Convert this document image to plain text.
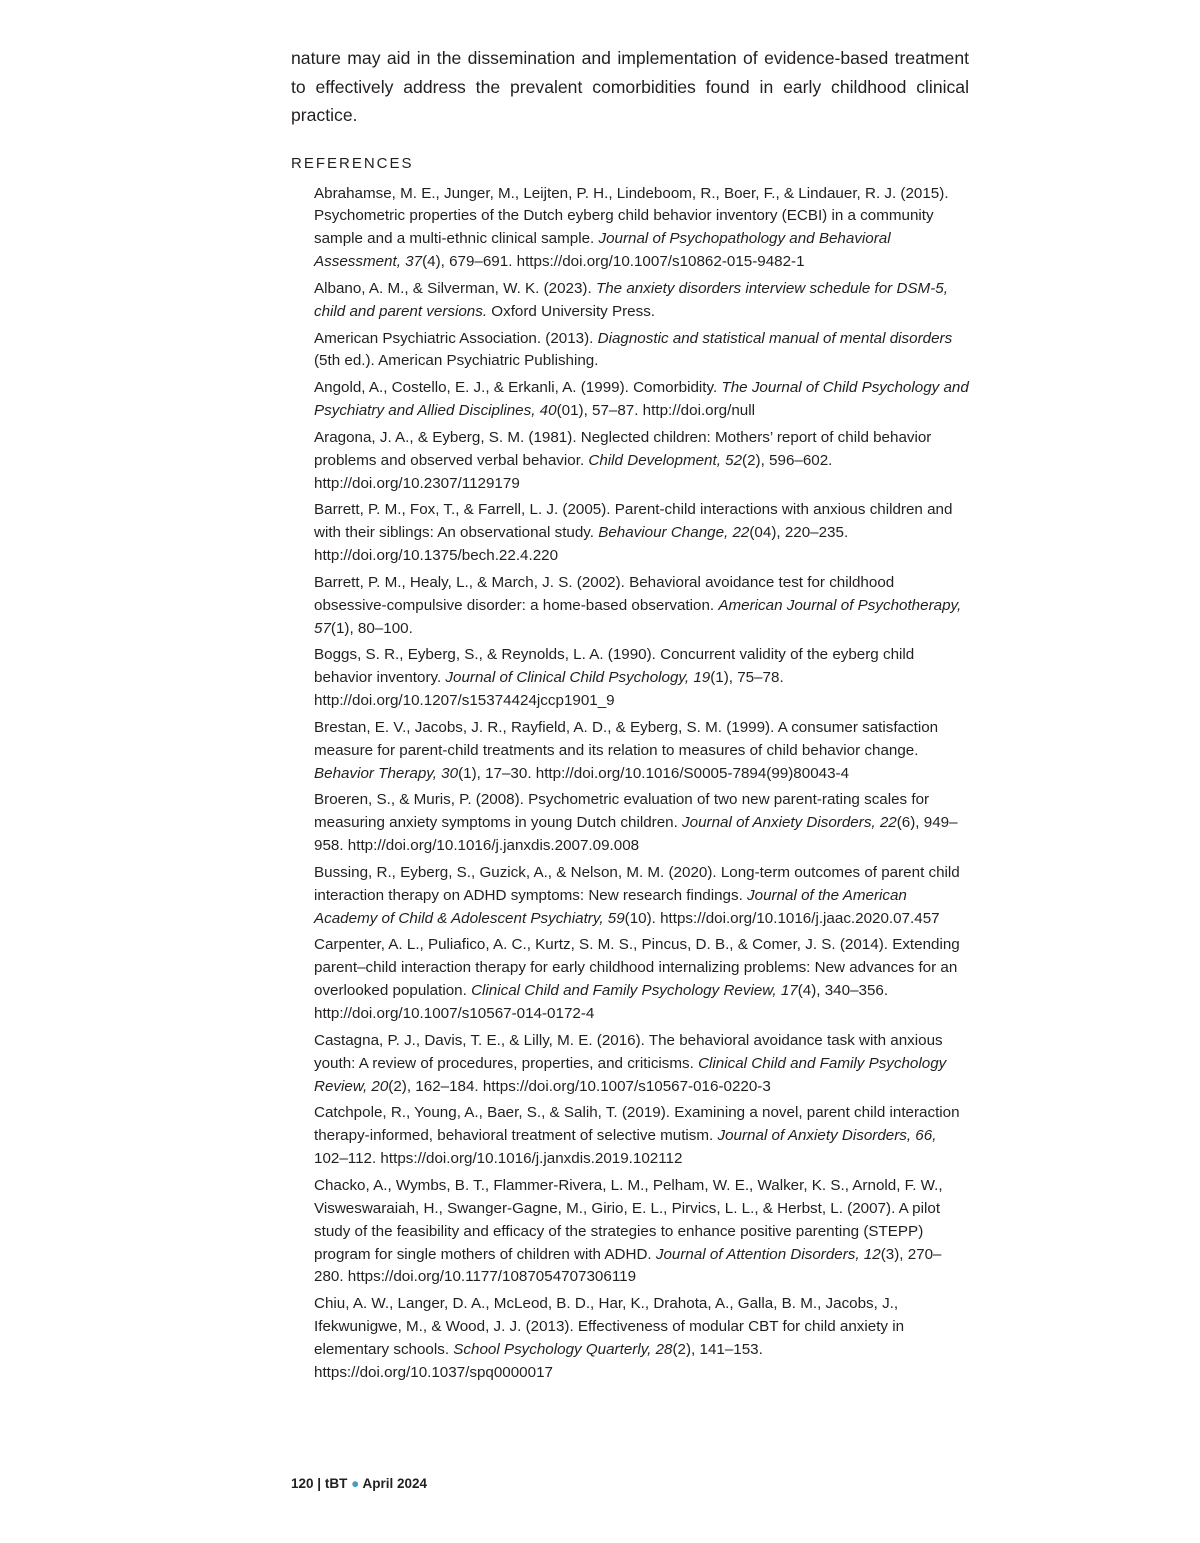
nature may aid in the dissemination and implementation of evidence-based treatment to effectively address the prevalent comorbidities found in early childhood clinical practice.

REFERENCES
Abrahamse, M. E., Junger, M., Leijten, P. H., Lindeboom, R., Boer, F., & Lindauer, R. J. (2015). Psychometric properties of the Dutch eyberg child behavior inventory (ECBI) in a community sample and a multi-ethnic clinical sample. Journal of Psychopathology and Behavioral Assessment, 37(4), 679–691. https://doi.org/10.1007/s10862-015-9482-1
Albano, A. M., & Silverman, W. K. (2023). The anxiety disorders interview schedule for DSM-5, child and parent versions. Oxford University Press.
American Psychiatric Association. (2013). Diagnostic and statistical manual of mental disorders (5th ed.). American Psychiatric Publishing.
Angold, A., Costello, E. J., & Erkanli, A. (1999). Comorbidity. The Journal of Child Psychology and Psychiatry and Allied Disciplines, 40(01), 57–87. http://doi.org/null
Aragona, J. A., & Eyberg, S. M. (1981). Neglected children: Mothers’ report of child behavior problems and observed verbal behavior. Child Development, 52(2), 596–602. http://doi.org/10.2307/1129179
Barrett, P. M., Fox, T., & Farrell, L. J. (2005). Parent-child interactions with anxious children and with their siblings: An observational study. Behaviour Change, 22(04), 220–235. http://doi.org/10.1375/bech.22.4.220
Barrett, P. M., Healy, L., & March, J. S. (2002). Behavioral avoidance test for childhood obsessive-compulsive disorder: a home-based observation. American Journal of Psychotherapy, 57(1), 80–100.
Boggs, S. R., Eyberg, S., & Reynolds, L. A. (1990). Concurrent validity of the eyberg child behavior inventory. Journal of Clinical Child Psychology, 19(1), 75–78. http://doi.org/10.1207/s15374424jccp1901_9
Brestan, E. V., Jacobs, J. R., Rayfield, A. D., & Eyberg, S. M. (1999). A consumer satisfaction measure for parent-child treatments and its relation to measures of child behavior change. Behavior Therapy, 30(1), 17–30. http://doi.org/10.1016/S0005-7894(99)80043-4
Broeren, S., & Muris, P. (2008). Psychometric evaluation of two new parent-rating scales for measuring anxiety symptoms in young Dutch children. Journal of Anxiety Disorders, 22(6), 949–958. http://doi.org/10.1016/j.janxdis.2007.09.008
Bussing, R., Eyberg, S., Guzick, A., & Nelson, M. M. (2020). Long-term outcomes of parent child interaction therapy on ADHD symptoms: New research findings. Journal of the American Academy of Child & Adolescent Psychiatry, 59(10). https://doi.org/10.1016/j.jaac.2020.07.457
Carpenter, A. L., Puliafico, A. C., Kurtz, S. M. S., Pincus, D. B., & Comer, J. S. (2014). Extending parent–child interaction therapy for early childhood internalizing problems: New advances for an overlooked population. Clinical Child and Family Psychology Review, 17(4), 340–356. http://doi.org/10.1007/s10567-014-0172-4
Castagna, P. J., Davis, T. E., & Lilly, M. E. (2016). The behavioral avoidance task with anxious youth: A review of procedures, properties, and criticisms. Clinical Child and Family Psychology Review, 20(2), 162–184. https://doi.org/10.1007/s10567-016-0220-3
Catchpole, R., Young, A., Baer, S., & Salih, T. (2019). Examining a novel, parent child interaction therapy-informed, behavioral treatment of selective mutism. Journal of Anxiety Disorders, 66, 102–112. https://doi.org/10.1016/j.janxdis.2019.102112
Chacko, A., Wymbs, B. T., Flammer-Rivera, L. M., Pelham, W. E., Walker, K. S., Arnold, F. W., Visweswaraiah, H., Swanger-Gagne, M., Girio, E. L., Pirvics, L. L., & Herbst, L. (2007). A pilot study of the feasibility and efficacy of the strategies to enhance positive parenting (STEPP) program for single mothers of children with ADHD. Journal of Attention Disorders, 12(3), 270–280. https://doi.org/10.1177/1087054707306119
Chiu, A. W., Langer, D. A., McLeod, B. D., Har, K., Drahota, A., Galla, B. M., Jacobs, J., Ifekwunigwe, M., & Wood, J. J. (2013). Effectiveness of modular CBT for child anxiety in elementary schools. School Psychology Quarterly, 28(2), 141–153. https://doi.org/10.1037/spq0000017
120 | tBT ● April 2024
